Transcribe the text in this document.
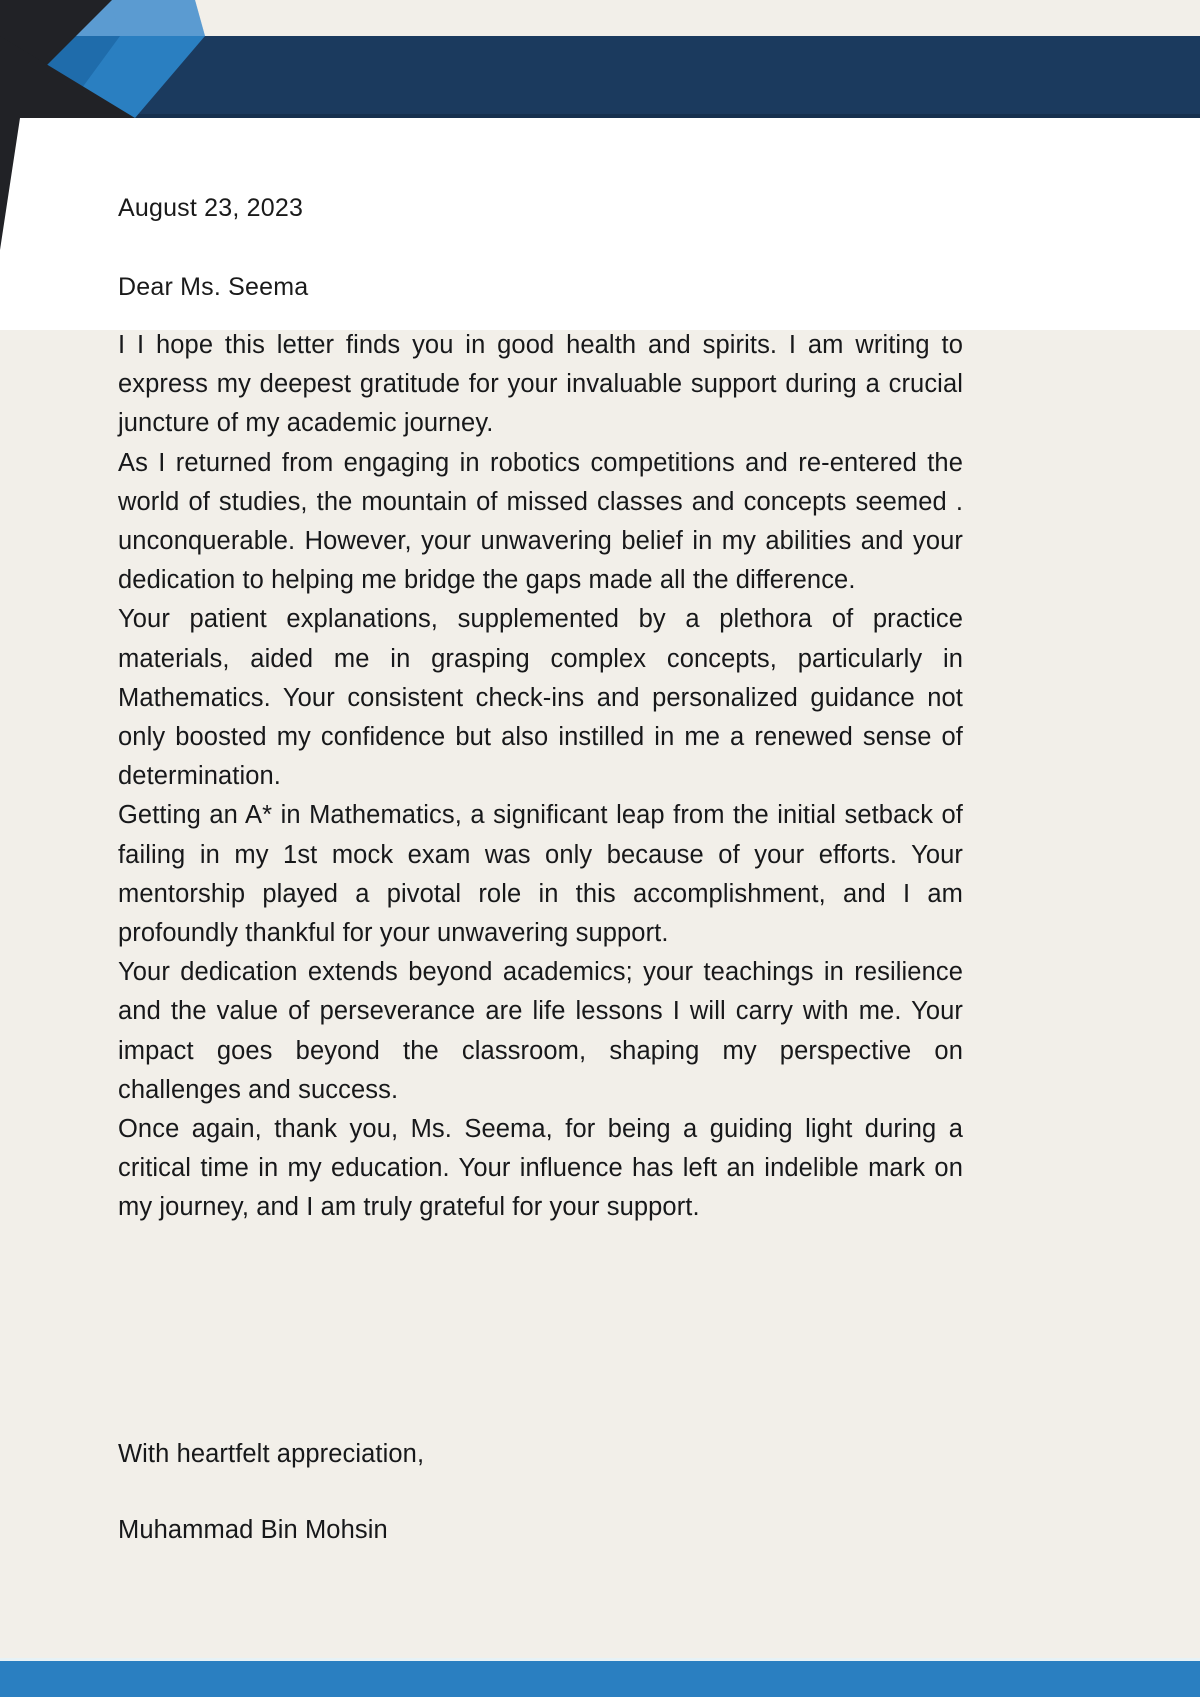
August 23, 2023

Dear Ms. Seema

I I hope this letter finds you in good health and spirits. I am writing to express my deepest gratitude for your invaluable support during a crucial juncture of my academic journey.

As I returned from engaging in robotics competitions and re-entered the world of studies, the mountain of missed classes and concepts seemed . unconquerable. However, your unwavering belief in my abilities and your dedication to helping me bridge the gaps made all the difference.

Your patient explanations, supplemented by a plethora of practice materials, aided me in grasping complex concepts, particularly in Mathematics. Your consistent check-ins and personalized guidance not only boosted my confidence but also instilled in me a renewed sense of determination.

Getting an A* in Mathematics, a significant leap from the initial setback of failing in my 1st mock exam was only because of your efforts. Your mentorship played a pivotal role in this accomplishment, and I am profoundly thankful for your unwavering support.

Your dedication extends beyond academics; your teachings in resilience and the value of perseverance are life lessons I will carry with me. Your impact goes beyond the classroom, shaping my perspective on challenges and success.

Once again, thank you, Ms. Seema, for being a guiding light during a critical time in my education. Your influence has left an indelible mark on my journey, and I am truly grateful for your support.

With heartfelt appreciation,

Muhammad Bin Mohsin
